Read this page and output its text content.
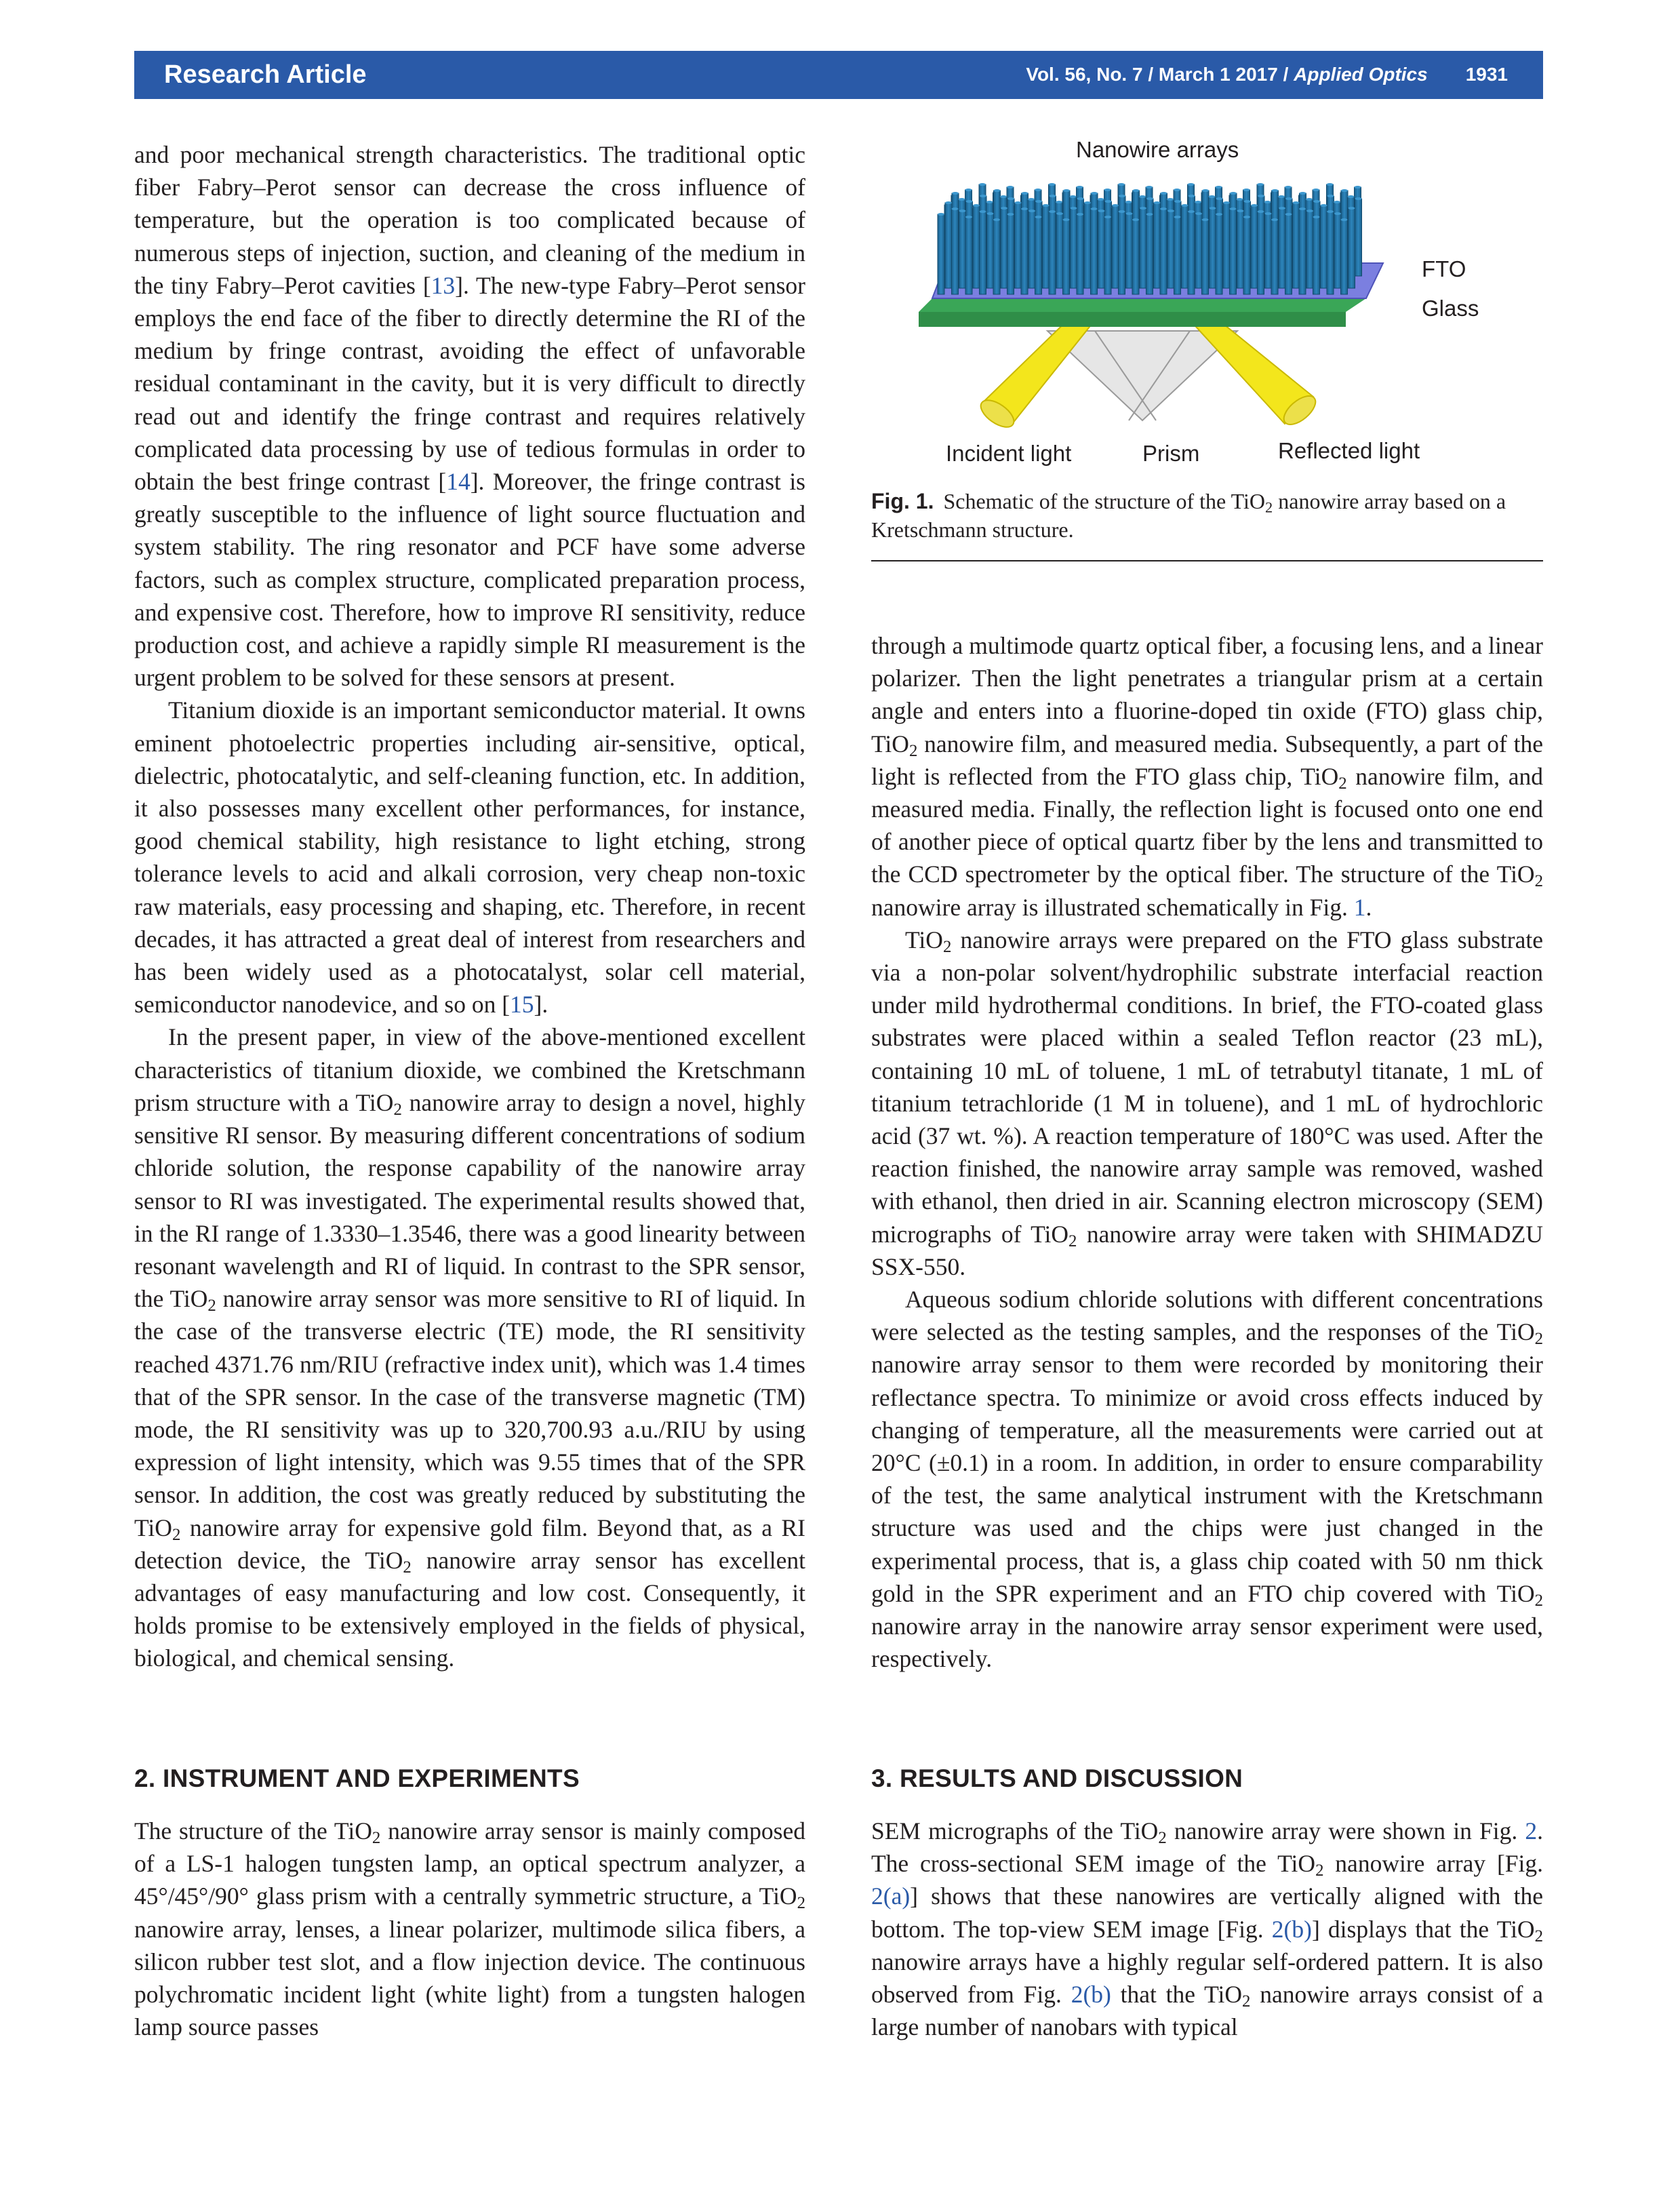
Research Article	Vol. 56, No. 7 / March 1 2017 / Applied Optics 1931

and poor mechanical strength characteristics. The traditional optic fiber Fabry–Perot sensor can decrease the cross influence of temperature, but the operation is too complicated because of numerous steps of injection, suction, and cleaning of the medium in the tiny Fabry–Perot cavities [13]. The new-type Fabry–Perot sensor employs the end face of the fiber to directly determine the RI of the medium by fringe contrast, avoiding the effect of unfavorable residual contaminant in the cavity, but it is very difficult to directly read out and identify the fringe contrast and requires relatively complicated data processing by use of tedious formulas in order to obtain the best fringe contrast [14]. Moreover, the fringe contrast is greatly susceptible to the influence of light source fluctuation and system stability. The ring resonator and PCF have some adverse factors, such as complex structure, complicated preparation process, and expensive cost. Therefore, how to improve RI sensitivity, reduce production cost, and achieve a rapidly simple RI measurement is the urgent problem to be solved for these sensors at present.

Titanium dioxide is an important semiconductor material. It owns eminent photoelectric properties including air-sensitive, optical, dielectric, photocatalytic, and self-cleaning function, etc. In addition, it also possesses many excellent other performances, for instance, good chemical stability, high resistance to light etching, strong tolerance levels to acid and alkali corrosion, very cheap non-toxic raw materials, easy processing and shaping, etc. Therefore, in recent decades, it has attracted a great deal of interest from researchers and has been widely used as a photocatalyst, solar cell material, semiconductor nanodevice, and so on [15].

In the present paper, in view of the above-mentioned excellent characteristics of titanium dioxide, we combined the Kretschmann prism structure with a TiO$_2$ nanowire array to design a novel, highly sensitive RI sensor. By measuring different concentrations of sodium chloride solution, the response capability of the nanowire array sensor to RI was investigated. The experimental results showed that, in the RI range of 1.3330–1.3546, there was a good linearity between resonant wavelength and RI of liquid. In contrast to the SPR sensor, the TiO$_2$ nanowire array sensor was more sensitive to RI of liquid. In the case of the transverse electric (TE) mode, the RI sensitivity reached 4371.76 nm/RIU (refractive index unit), which was 1.4 times that of the SPR sensor. In the case of the transverse magnetic (TM) mode, the RI sensitivity was up to 320,700.93 a.u./RIU by using expression of light intensity, which was 9.55 times that of the SPR sensor. In addition, the cost was greatly reduced by substituting the TiO$_2$ nanowire array for expensive gold film. Beyond that, as a RI detection device, the TiO$_2$ nanowire array sensor has excellent advantages of easy manufacturing and low cost. Consequently, it holds promise to be extensively employed in the fields of physical, biological, and chemical sensing.

2. INSTRUMENT AND EXPERIMENTS

The structure of the TiO$_2$ nanowire array sensor is mainly composed of a LS-1 halogen tungsten lamp, an optical spectrum analyzer, a 45°/45°/90° glass prism with a centrally symmetric structure, a TiO$_2$ nanowire array, lenses, a linear polarizer, multimode silica fibers, a silicon rubber test slot, and a flow injection device. The continuous polychromatic incident light (white light) from a tungsten halogen lamp source passes

Nanowire arrays
FTO
Glass
Incident light	Prism	Reflected light
Fig. 1. Schematic of the structure of the TiO$_2$ nanowire array based on a Kretschmann structure.

through a multimode quartz optical fiber, a focusing lens, and a linear polarizer. Then the light penetrates a triangular prism at a certain angle and enters into a fluorine-doped tin oxide (FTO) glass chip, TiO$_2$ nanowire film, and measured media. Subsequently, a part of the light is reflected from the FTO glass chip, TiO$_2$ nanowire film, and measured media. Finally, the reflection light is focused onto one end of another piece of optical quartz fiber by the lens and transmitted to the CCD spectrometer by the optical fiber. The structure of the TiO$_2$ nanowire array is illustrated schematically in Fig. 1.

TiO$_2$ nanowire arrays were prepared on the FTO glass substrate via a non-polar solvent/hydrophilic substrate interfacial reaction under mild hydrothermal conditions. In brief, the FTO-coated glass substrates were placed within a sealed Teflon reactor (23 mL), containing 10 mL of toluene, 1 mL of tetrabutyl titanate, 1 mL of titanium tetrachloride (1 M in toluene), and 1 mL of hydrochloric acid (37 wt. %). A reaction temperature of 180°C was used. After the reaction finished, the nanowire array sample was removed, washed with ethanol, then dried in air. Scanning electron microscopy (SEM) micrographs of TiO$_2$ nanowire array were taken with SHIMADZU SSX-550.

Aqueous sodium chloride solutions with different concentrations were selected as the testing samples, and the responses of the TiO$_2$ nanowire array sensor to them were recorded by monitoring their reflectance spectra. To minimize or avoid cross effects induced by changing of temperature, all the measurements were carried out at 20°C (±0.1) in a room. In addition, in order to ensure comparability of the test, the same analytical instrument with the Kretschmann structure was used and the chips were just changed in the experimental process, that is, a glass chip coated with 50 nm thick gold in the SPR experiment and an FTO chip covered with TiO$_2$ nanowire array in the nanowire array sensor experiment were used, respectively.

3. RESULTS AND DISCUSSION

SEM micrographs of the TiO$_2$ nanowire array were shown in Fig. 2. The cross-sectional SEM image of the TiO$_2$ nanowire array [Fig. 2(a)] shows that these nanowires are vertically aligned with the bottom. The top-view SEM image [Fig. 2(b)] displays that the TiO$_2$ nanowire arrays have a highly regular self-ordered pattern. It is also observed from Fig. 2(b) that the TiO$_2$ nanowire arrays consist of a large number of nanobars with typical
